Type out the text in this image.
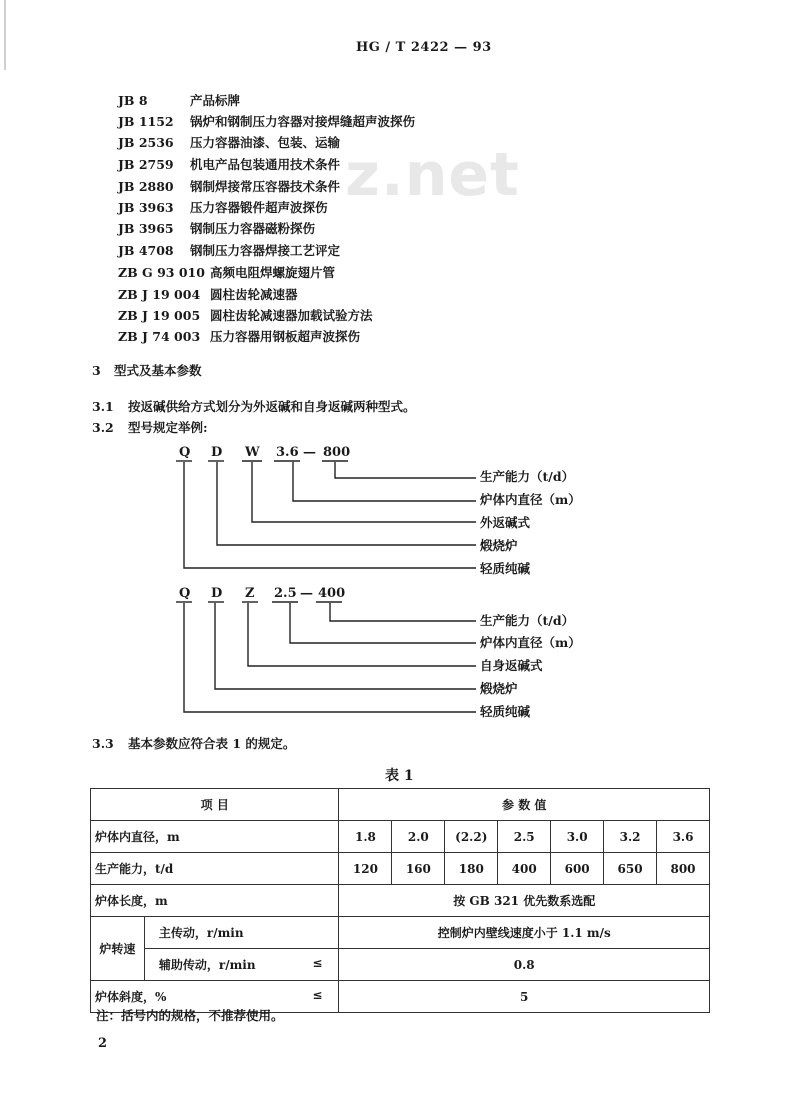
HG / T 2422 — 93
z.net
JB 8	产品标牌
JB 1152 锅炉和钢制压力容器对接焊缝超声波探伤
JB 2536 压力容器油漆、包装、运输
JB 2759 机电产品包装通用技术条件
JB 2880 钢制焊接常压容器技术条件
JB 3963 压力容器锻件超声波探伤
JB 3965 钢制压力容器磁粉探伤
JB 4708 钢制压力容器焊接工艺评定
ZB G 93 010 高频电阻焊螺旋翅片管
ZB J 19 004 圆柱齿轮减速器
ZB J 19 005 圆柱齿轮减速器加载试验方法
ZB J 74 003 压力容器用钢板超声波探伤
3 型式及基本参数
3.1 按返碱供给方式划分为外返碱和自身返碱两种型式。
3.2 型号规定举例:
Q D W 3.6 — 800
生产能力（t/d）
炉体内直径（m）
外返碱式
煅烧炉
轻质纯碱
Q D Z 2.5 — 400
生产能力（t/d）
炉体内直径（m）
自身返碱式
煅烧炉
轻质纯碱
3.3 基本参数应符合表 1 的规定。
表 1
项 目		参 数 值						
炉体内直径，m		1.8	2.0	(2.2)	2.5	3.0	3.2	3.6
生产能力，t/d		120	160	180	400	600	650	800
炉体长度，m		按 GB 321 优先数系选配						
炉转速	主传动，r/min	控制炉内壁线速度小于 1.1 m/s						
	辅助传动，r/min ≤	0.8						
炉体斜度，% ≤		5						
注：括号内的规格，不推荐使用。
2
